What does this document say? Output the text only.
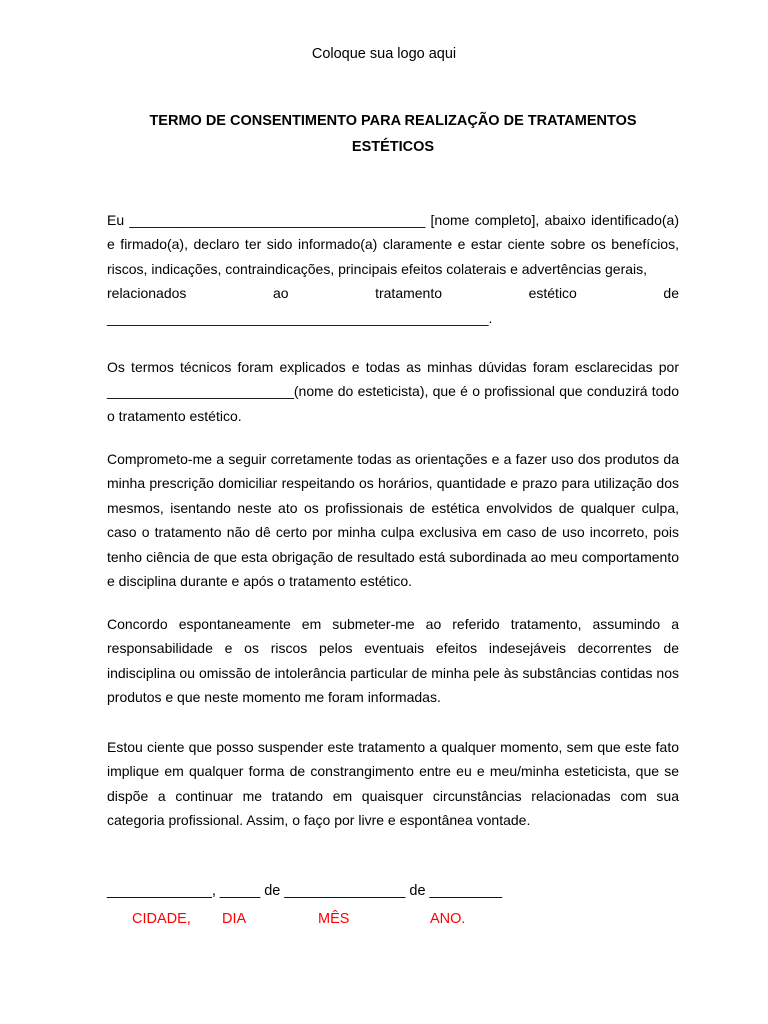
Coloque sua logo aqui
TERMO DE CONSENTIMENTO PARA REALIZAÇÃO DE TRATAMENTOS
ESTÉTICOS
Eu ______________________________________ [nome completo], abaixo identificado(a) e firmado(a), declaro ter sido informado(a) claramente e estar ciente sobre os benefícios, riscos, indicações, contraindicações, principais efeitos colaterais e advertências gerais,
relacionados	ao	tratamento	estético	de
_________________________________________________.

Os termos técnicos foram explicados e todas as minhas dúvidas foram esclarecidas por ________________________(nome do esteticista), que é o profissional que conduzirá todo o tratamento estético.

Comprometo-me a seguir corretamente todas as orientações e a fazer uso dos produtos da minha prescrição domiciliar respeitando os horários, quantidade e prazo para utilização dos mesmos, isentando neste ato os profissionais de estética envolvidos de qualquer culpa, caso o tratamento não dê certo por minha culpa exclusiva em caso de uso incorreto, pois tenho ciência de que esta obrigação de resultado está subordinada ao meu comportamento e disciplina durante e após o tratamento estético.

Concordo espontaneamente em submeter-me ao referido tratamento, assumindo a responsabilidade e os riscos pelos eventuais efeitos indesejáveis decorrentes de indisciplina ou omissão de intolerância particular de minha pele às substâncias contidas nos produtos e que neste momento me foram informadas.

Estou ciente que posso suspender este tratamento a qualquer momento, sem que este fato implique em qualquer forma de constrangimento entre eu e meu/minha esteticista, que se dispõe a continuar me tratando em quaisquer circunstâncias relacionadas com sua categoria profissional. Assim, o faço por livre e espontânea vontade.

_____________, _____ de _______________ de _________
CIDADE, DIA	MÊS	ANO.
